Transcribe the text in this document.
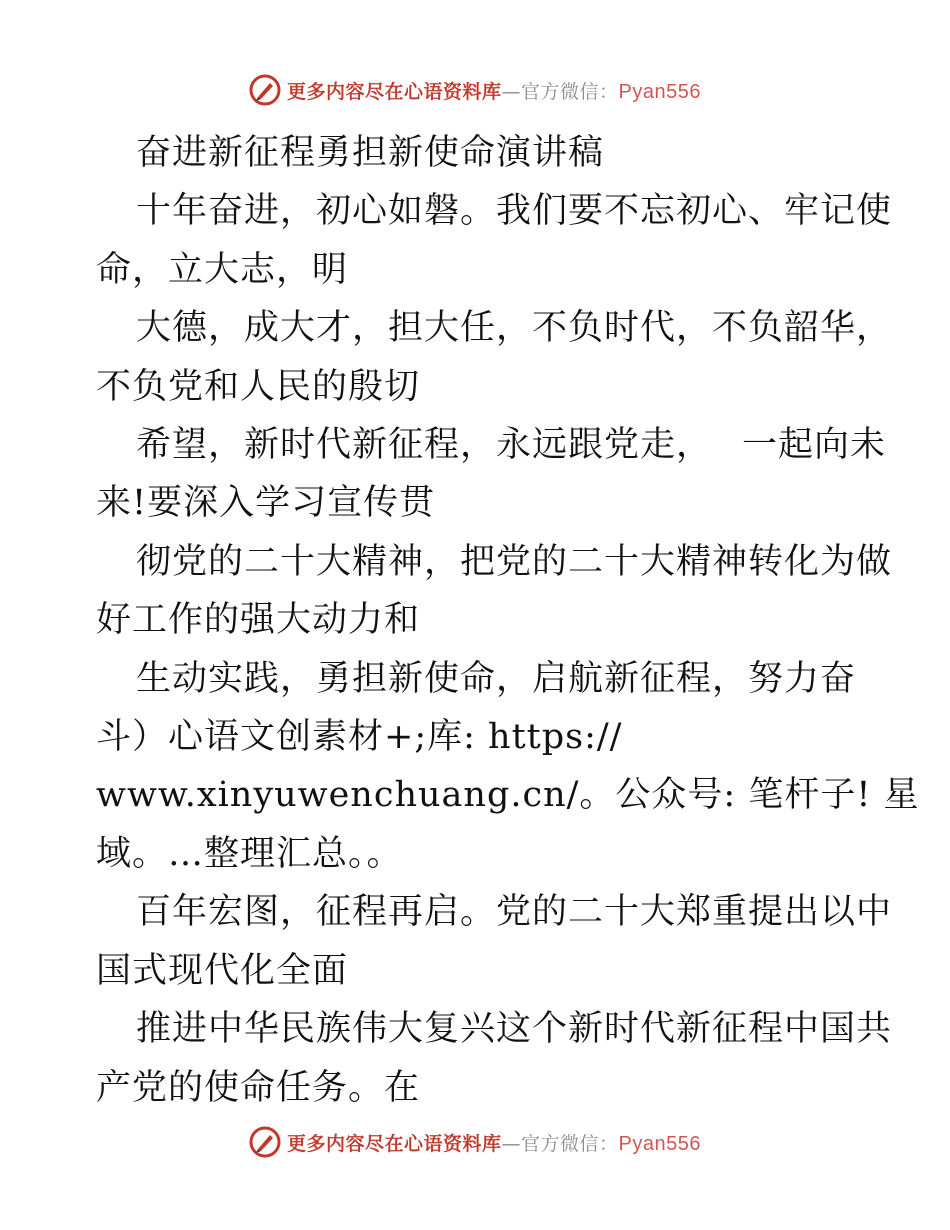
更多内容尽在心语资料库—官方微信：Pyan556

奋进新征程勇担新使命演讲稿

十年奋进，初心如磐。我们要不忘初心、牢记使

命，立大志，明

大德，成大才，担大任，不负时代，不负韶华，

不负党和人民的殷切

希望，新时代新征程，永远跟党走， 一起向未

来!要深入学习宣传贯

彻党的二十大精神，把党的二十大精神转化为做

好工作的强大动力和

生动实践，勇担新使命，启航新征程，努力奋

斗）心语文创素材+;库: https://

www.xinyuwenchuang.cn/。公众号: 笔杆子! 星

域。…整理汇总。。

百年宏图，征程再启。党的二十大郑重提出以中

国式现代化全面

推进中华民族伟大复兴这个新时代新征程中国共

产党的使命任务。在

更多内容尽在心语资料库—官方微信：Pyan556
